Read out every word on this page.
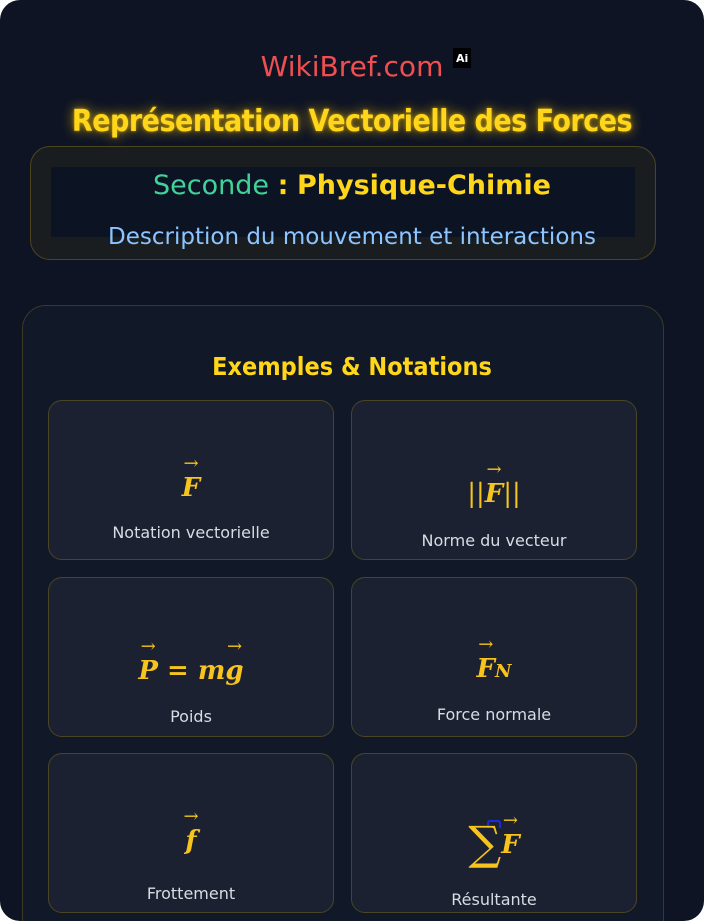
WikiBref.com Ai
Représentation Vectorielle des Forces
Seconde : Physique-Chimie
Description du mouvement et interactions
Exemples & Notations
→ F
Notation vectorielle
||→ F||
Norme du vecteur
→ P = m→ g
Poids
→ FN
Force normale
→ f
Frottement
∑→ F
Résultante
